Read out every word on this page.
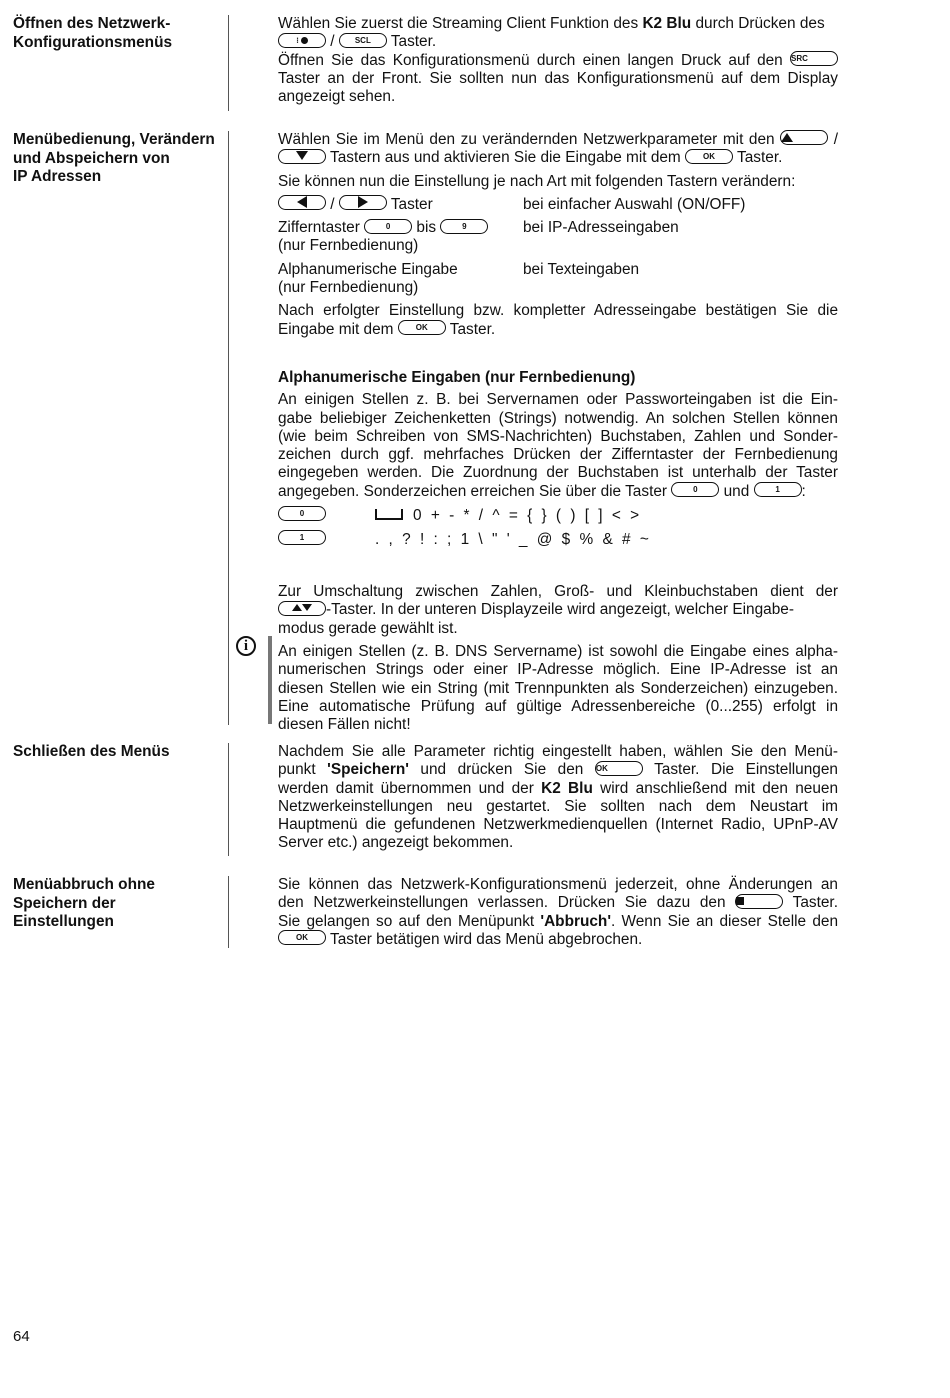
Öffnen des Netzwerk-
Konfigurationsmenüs
Wählen Sie zuerst die Streaming Client Funktion des K2 Blu durch Drücken des
⁝ / SCL Taster.
Öffnen Sie das Konfigurationsmenü durch einen langen Druck auf den SRC
Taster an der Front. Sie sollten nun das Konfigurationsmenü auf dem Display
angezeigt sehen.
Menübedienung, Verändern
und Abspeichern von
IP Adressen
Wählen Sie im Menü den zu verändernden Netzwerkparameter mit den	/
Tastern aus und aktivieren Sie die Eingabe mit dem OK Taster.
Sie können nun die Einstellung je nach Art mit folgenden Tastern verändern:
/	Taster	bei einfacher Auswahl (ON/OFF)
Zifferntaster	0 bis	9	bei IP-Adresseingaben
(nur Fernbedienung)
Alphanumerische Eingabe	bei Texteingaben
(nur Fernbedienung)
Nach erfolgter Einstellung bzw. kompletter Adresseingabe bestätigen Sie die
Eingabe mit dem OK Taster.
Alphanumerische Eingaben (nur Fernbedienung)
An einigen Stellen z. B. bei Servernamen oder Passworteingaben ist die Ein-
gabe beliebiger Zeichenketten (Strings) notwendig. An solchen Stellen können
(wie beim Schreiben von SMS-Nachrichten) Buchstaben, Zahlen und Sonder-
zeichen durch ggf. mehrfaches Drücken der Zifferntaster der Fernbedienung
eingegeben werden. Die Zuordnung der Buchstaben ist unterhalb der Taster
angegeben. Sonderzeichen erreichen Sie über die Taster	0 und	1 :
0	0 + - * / ^ = { } ( ) [ ] < >
1	. , ? ! : ; 1 \ " ' _ @ $ % & # ~
Zur Umschaltung zwischen Zahlen, Groß- und Kleinbuchstaben dient der
-Taster. In der unteren Displayzeile wird angezeigt, welcher Eingabe-
modus gerade gewählt ist.
An einigen Stellen (z. B. DNS Servername) ist sowohl die Eingabe eines alpha-
numerischen Strings oder einer IP-Adresse möglich. Eine IP-Adresse ist an
diesen Stellen wie ein String (mit Trennpunkten als Sonderzeichen) einzugeben.
Eine automatische Prüfung auf gültige Adressenbereiche (0...255) erfolgt in
diesen Fällen nicht!
i
Schließen des Menüs	Nachdem Sie alle Parameter richtig eingestellt haben, wählen Sie den Menü-
punkt 'Speichern' und drücken Sie den OK Taster. Die Einstellungen
werden damit übernommen und der K2 Blu wird anschließend mit den neuen
Netzwerkeinstellungen neu gestartet. Sie sollten nach dem Neustart im
Hauptmenü die gefundenen Netzwerkmedienquellen (Internet Radio, UPnP-AV
Server etc.) angezeigt bekommen.
Menüabbruch ohne
Speichern der
Einstellungen
Sie können das Netzwerk-Konfigurationsmenü jederzeit, ohne Änderungen an
den Netzwerkeinstellungen verlassen. Drücken Sie dazu den	Taster.
Sie gelangen so auf den Menüpunkt 'Abbruch'. Wenn Sie an dieser Stelle den
OK Taster betätigen wird das Menü abgebrochen.
64
